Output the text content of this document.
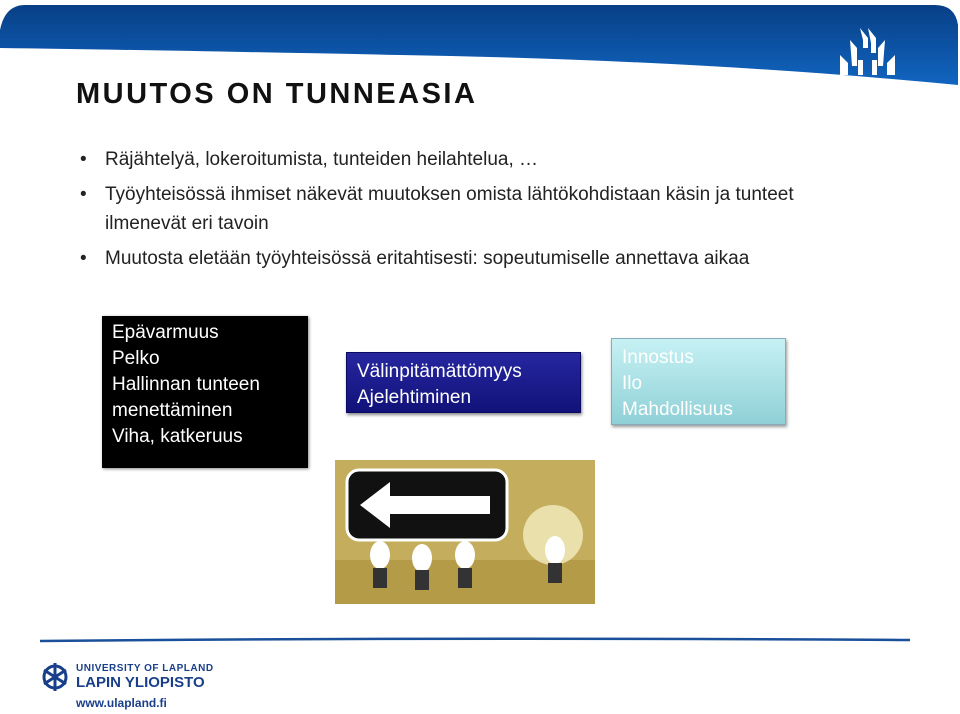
MUUTOS ON TUNNEASIA
• Räjähtelyä, lokeroitumista, tunteiden heilahtelua, …
• Työyhteisössä ihmiset näkevät muutoksen omista lähtökohdistaan käsin ja tunteet ilmenevät eri tavoin
• Muutosta eletään työyhteisössä eritahtisesti: sopeutumiselle annettava aikaa
Epävarmuus
Pelko
Hallinnan tunteen menettäminen
Viha, katkeruus
Välinpitämättömyys
Ajelehtiminen
Innostus
Ilo
Mahdollisuus
UNIVERSITY OF LAPLAND
LAPIN YLIOPISTO
www.ulapland.fi
